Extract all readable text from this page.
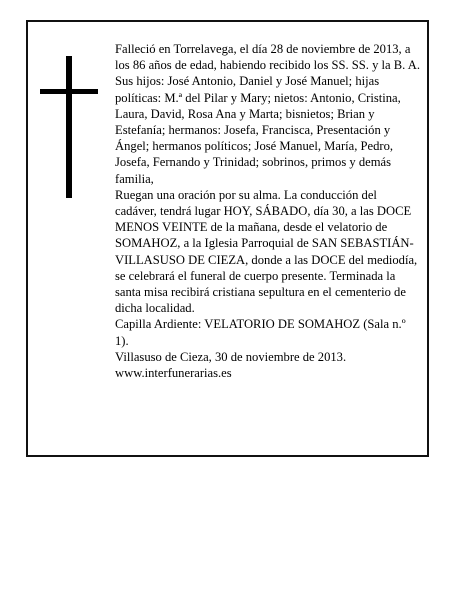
Falleció en Torrelavega, el día 28 de noviembre de 2013, a los 86 años de edad, habiendo recibido los SS. SS. y la B. A.

Sus hijos: José Antonio, Daniel y José Manuel; hijas políticas: M.ª del Pilar y Mary; nietos: Antonio, Cristina, Laura, David, Rosa Ana y Marta; bisnietos; Brian y Estefanía; hermanos: Josefa, Francisca, Presentación y Ángel; hermanos políticos; José Manuel, María, Pedro, Josefa, Fernando y Trinidad; sobrinos, primos y demás familia,

Ruegan una oración por su alma. La conducción del cadáver, tendrá lugar HOY, SÁBADO, día 30, a las DOCE MENOS VEINTE de la mañana, desde el velatorio de SOMAHOZ, a la Iglesia Parroquial de SAN SEBASTIÁN-VILLASUSO DE CIEZA, donde a las DOCE del mediodía, se celebrará el funeral de cuerpo presente. Terminada la santa misa recibirá cristiana sepultura en el cementerio de dicha localidad.

Capilla Ardiente: VELATORIO DE SOMAHOZ (Sala n.º 1).

Villasuso de Cieza, 30 de noviembre de 2013.

www.interfunerarias.es
